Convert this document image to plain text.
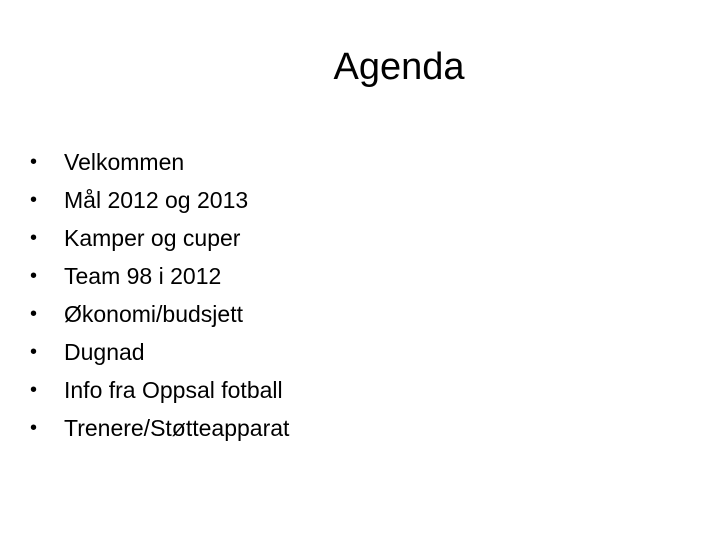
Agenda
•	Velkommen
•	Mål 2012 og 2013
•	Kamper og cuper
•	Team 98 i 2012
•	Økonomi/budsjett
•	Dugnad
•	Info fra Oppsal fotball
•	Trenere/Støtteapparat
